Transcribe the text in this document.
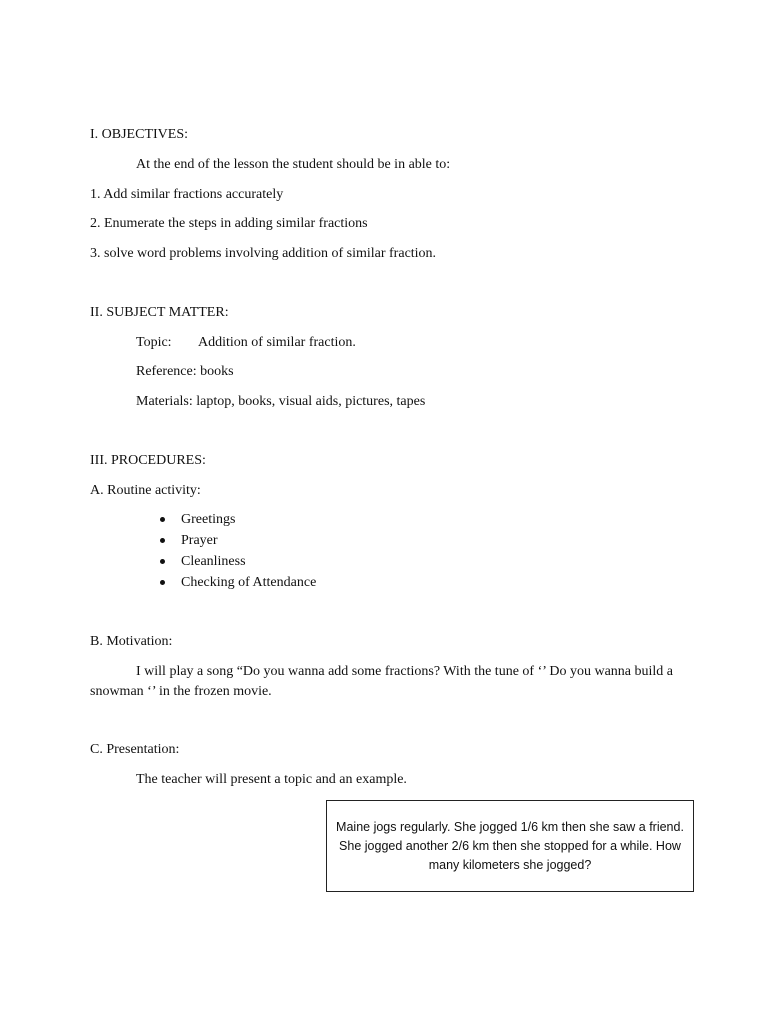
I. OBJECTIVES:
At the end of the lesson the student should be in able to:
1. Add similar fractions accurately
2. Enumerate the steps in adding similar fractions
3. solve word problems involving addition of similar fraction.
II. SUBJECT MATTER:
Topic: Addition of similar fraction.
Reference: books
Materials: laptop, books, visual aids, pictures, tapes
III. PROCEDURES:
A. Routine activity:
Greetings
Prayer
Cleanliness
Checking of Attendance
B. Motivation:
I will play a song “Do you wanna add some fractions? With the tune of ‘’ Do you wanna build a snowman ‘’ in the frozen movie.
C. Presentation:
The teacher will present a topic and an example.
Maine jogs regularly. She jogged 1/6 km then she saw a friend. She jogged another 2/6 km then she stopped for a while. How many kilometers she jogged?
